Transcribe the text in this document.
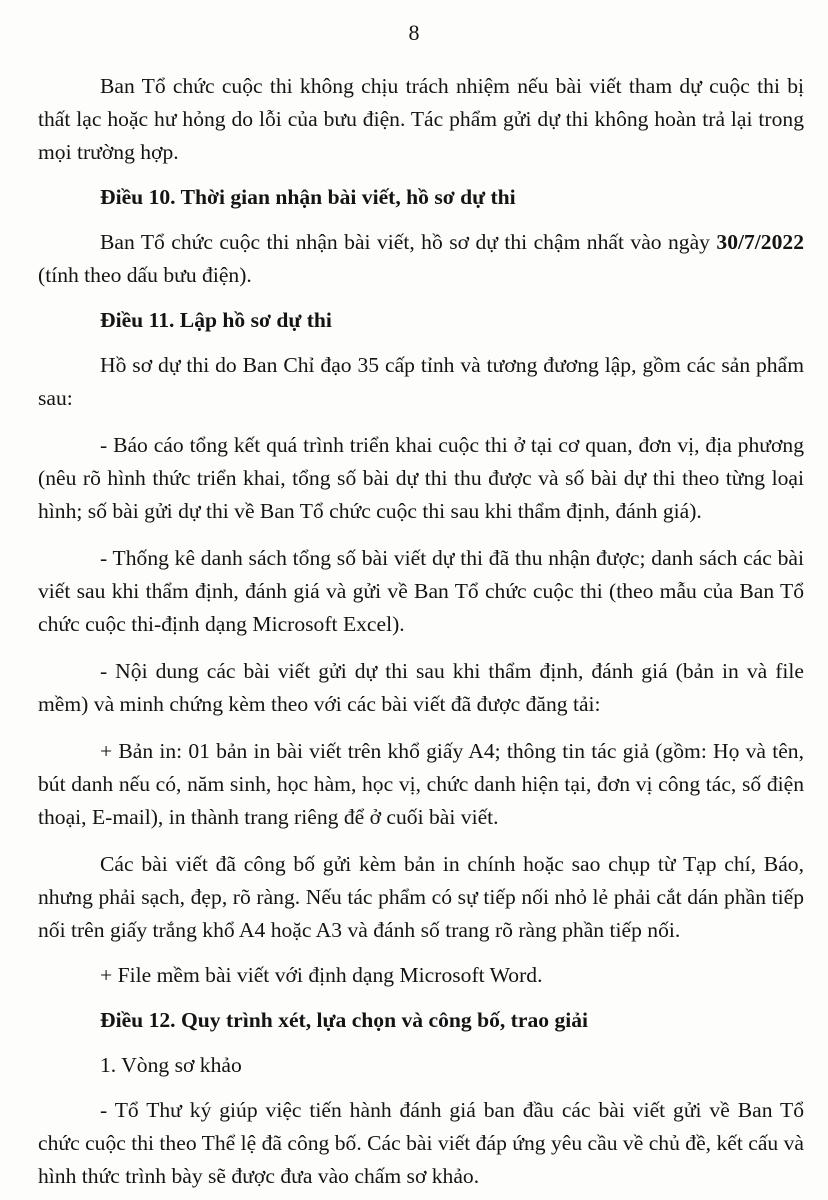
8

Ban Tổ chức cuộc thi không chịu trách nhiệm nếu bài viết tham dự cuộc thi bị thất lạc hoặc hư hỏng do lỗi của bưu điện. Tác phẩm gửi dự thi không hoàn trả lại trong mọi trường hợp.

Điều 10. Thời gian nhận bài viết, hồ sơ dự thi

Ban Tổ chức cuộc thi nhận bài viết, hồ sơ dự thi chậm nhất vào ngày 30/7/2022 (tính theo dấu bưu điện).

Điều 11. Lập hồ sơ dự thi

Hồ sơ dự thi do Ban Chỉ đạo 35 cấp tỉnh và tương đương lập, gồm các sản phẩm sau:

- Báo cáo tổng kết quá trình triển khai cuộc thi ở tại cơ quan, đơn vị, địa phương (nêu rõ hình thức triển khai, tổng số bài dự thi thu được và số bài dự thi theo từng loại hình; số bài gửi dự thi về Ban Tổ chức cuộc thi sau khi thẩm định, đánh giá).

- Thống kê danh sách tổng số bài viết dự thi đã thu nhận được; danh sách các bài viết sau khi thẩm định, đánh giá và gửi về Ban Tổ chức cuộc thi (theo mẫu của Ban Tổ chức cuộc thi-định dạng Microsoft Excel).

- Nội dung các bài viết gửi dự thi sau khi thẩm định, đánh giá (bản in và file mềm) và minh chứng kèm theo với các bài viết đã được đăng tải:

+ Bản in: 01 bản in bài viết trên khổ giấy A4; thông tin tác giả (gồm: Họ và tên, bút danh nếu có, năm sinh, học hàm, học vị, chức danh hiện tại, đơn vị công tác, số điện thoại, E-mail), in thành trang riêng để ở cuối bài viết.

Các bài viết đã công bố gửi kèm bản in chính hoặc sao chụp từ Tạp chí, Báo, nhưng phải sạch, đẹp, rõ ràng. Nếu tác phẩm có sự tiếp nối nhỏ lẻ phải cắt dán phần tiếp nối trên giấy trắng khổ A4 hoặc A3 và đánh số trang rõ ràng phần tiếp nối.

+ File mềm bài viết với định dạng Microsoft Word.

Điều 12. Quy trình xét, lựa chọn và công bố, trao giải

1. Vòng sơ khảo

- Tổ Thư ký giúp việc tiến hành đánh giá ban đầu các bài viết gửi về Ban Tổ chức cuộc thi theo Thể lệ đã công bố. Các bài viết đáp ứng yêu cầu về chủ đề, kết cấu và hình thức trình bày sẽ được đưa vào chấm sơ khảo.
